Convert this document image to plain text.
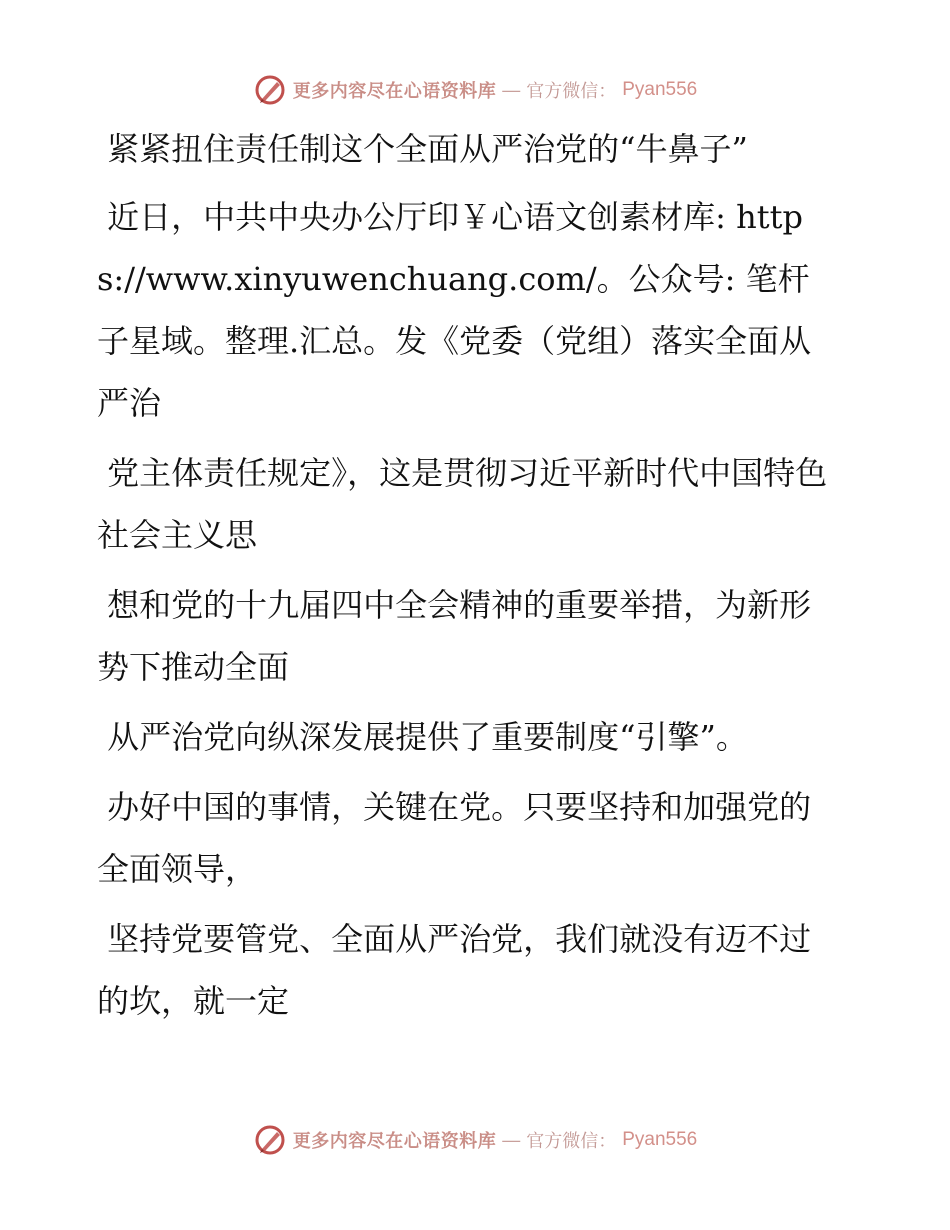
更多内容尽在心语资料库 — 官方微信： Pyan556

紧紧扭住责任制这个全面从严治党的“牛鼻子”

近日，中共中央办公厅印￥心语文创素材库: https://www.xinyuwenchuang.com/。公众号: 笔杆子星域。整理.汇总。发《党委（党组）落实全面从严治

党主体责任规定》，这是贯彻习近平新时代中国特色社会主义思

想和党的十九届四中全会精神的重要举措，为新形势下推动全面

从严治党向纵深发展提供了重要制度“引擎”。

办好中国的事情，关键在党。只要坚持和加强党的全面领导，

坚持党要管党、全面从严治党，我们就没有迈不过的坎，就一定

更多内容尽在心语资料库 — 官方微信： Pyan556
